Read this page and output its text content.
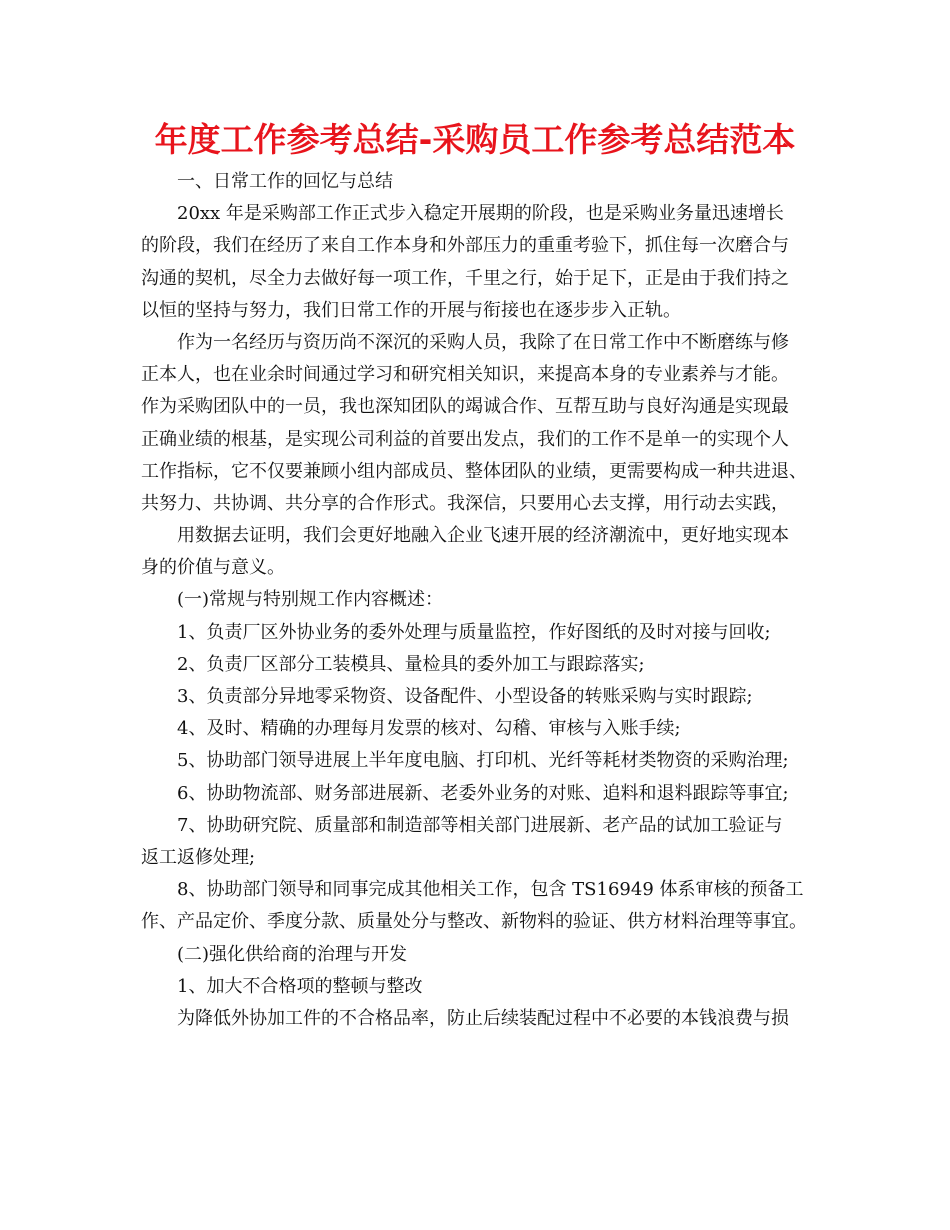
年度工作参考总结-采购员工作参考总结范本
一、日常工作的回忆与总结
20xx 年是采购部工作正式步入稳定开展期的阶段，也是采购业务量迅速增长
的阶段，我们在经历了来自工作本身和外部压力的重重考验下，抓住每一次磨合与
沟通的契机，尽全力去做好每一项工作，千里之行，始于足下，正是由于我们持之
以恒的坚持与努力，我们日常工作的开展与衔接也在逐步步入正轨。
作为一名经历与资历尚不深沉的采购人员，我除了在日常工作中不断磨练与修
正本人，也在业余时间通过学习和研究相关知识，来提高本身的专业素养与才能。
作为采购团队中的一员，我也深知团队的竭诚合作、互帮互助与良好沟通是实现最
正确业绩的根基，是实现公司利益的首要出发点，我们的工作不是单一的实现个人
工作指标，它不仅要兼顾小组内部成员、整体团队的业绩，更需要构成一种共进退、
共努力、共协调、共分享的合作形式。我深信，只要用心去支撑，用行动去实践，
用数据去证明，我们会更好地融入企业飞速开展的经济潮流中，更好地实现本
身的价值与意义。
(一)常规与特别规工作内容概述：
1、负责厂区外协业务的委外处理与质量监控，作好图纸的及时对接与回收;
2、负责厂区部分工装模具、量检具的委外加工与跟踪落实;
3、负责部分异地零采物资、设备配件、小型设备的转账采购与实时跟踪;
4、及时、精确的办理每月发票的核对、勾稽、审核与入账手续;
5、协助部门领导进展上半年度电脑、打印机、光纤等耗材类物资的采购治理;
6、协助物流部、财务部进展新、老委外业务的对账、追料和退料跟踪等事宜;
7、协助研究院、质量部和制造部等相关部门进展新、老产品的试加工验证与
返工返修处理;
8、协助部门领导和同事完成其他相关工作，包含 TS16949 体系审核的预备工
作、产品定价、季度分款、质量处分与整改、新物料的验证、供方材料治理等事宜。
(二)强化供给商的治理与开发
1、加大不合格项的整顿与整改
为降低外协加工件的不合格品率，防止后续装配过程中不必要的本钱浪费与损
